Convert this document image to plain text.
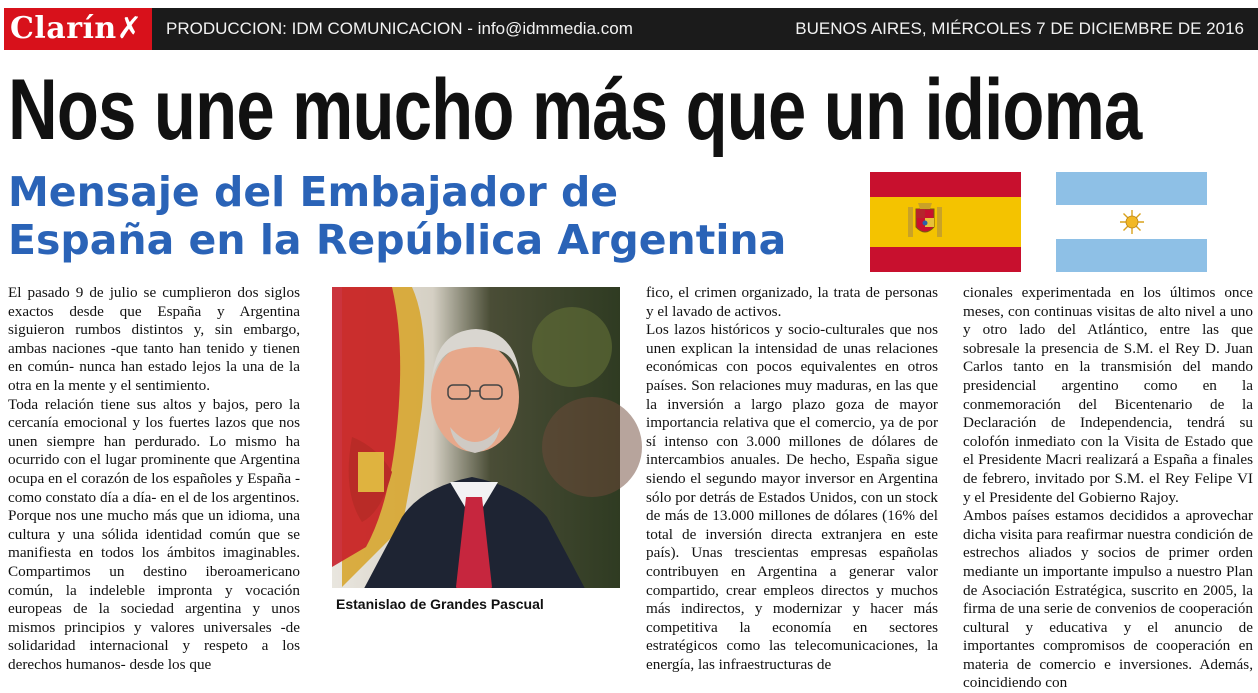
Clarín✗	PRODUCCION: IDM COMUNICACION - info@idmmedia.com	BUENOS AIRES, MIÉRCOLES 7 DE DICIEMBRE DE 2016
Nos une mucho más que un idioma
Mensaje del Embajador de
España en la República Argentina

El pasado 9 de julio se cumplieron dos siglos exactos desde que España y Argentina siguieron rumbos distintos y, sin embargo, ambas naciones -que tanto han tenido y tienen en común- nunca han estado lejos la una de la otra en la mente y el sentimiento.

Toda relación tiene sus altos y bajos, pero la cercanía emocional y los fuertes lazos que nos unen siempre han perdurado. Lo mismo ha ocurrido con el lugar prominente que Argentina ocupa en el corazón de los españoles y España -como constato día a día- en el de los argentinos.

Porque nos une mucho más que un idioma, una cultura y una sólida identidad común que se manifiesta en todos los ámbitos imaginables. Compartimos un destino iberoamericano común, la indeleble impronta y vocación europeas de la sociedad argentina y unos mismos principios y valores universales -de solidaridad internacional y respeto a los derechos humanos- desde los que

Estanislao de Grandes Pascual

fico, el crimen organizado, la trata de personas y el lavado de activos.

Los lazos históricos y socio-culturales que nos unen explican la intensidad de unas relaciones económicas con pocos equivalentes en otros países. Son relaciones muy maduras, en las que la inversión a largo plazo goza de mayor importancia relativa que el comercio, ya de por sí intenso con 3.000 millones de dólares de intercambios anuales. De hecho, España sigue siendo el segundo mayor inversor en Argentina sólo por detrás de Estados Unidos, con un stock de más de 13.000 millones de dólares (16% del total de inversión directa extranjera en este país). Unas trescientas empresas españolas contribuyen en Argentina a generar valor compartido, crear empleos directos y muchos más indirectos, y modernizar y hacer más competitiva la economía en sectores estratégicos como las telecomunicaciones, la energía, las infraestructuras de

cionales experimentada en los últimos once meses, con continuas visitas de alto nivel a uno y otro lado del Atlántico, entre las que sobresale la presencia de S.M. el Rey D. Juan Carlos tanto en la transmisión del mando presidencial argentino como en la conmemoración del Bicentenario de la Declaración de Independencia, tendrá su colofón inmediato con la Visita de Estado que el Presidente Macri realizará a España a finales de febrero, invitado por S.M. el Rey Felipe VI y el Presidente del Gobierno Rajoy.

Ambos países estamos decididos a aprovechar dicha visita para reafirmar nuestra condición de estrechos aliados y socios de primer orden mediante un importante impulso a nuestro Plan de Asociación Estratégica, suscrito en 2005, la firma de una serie de convenios de cooperación cultural y educativa y el anuncio de importantes compromisos de cooperación en materia de comercio e inversiones. Además, coincidiendo con
